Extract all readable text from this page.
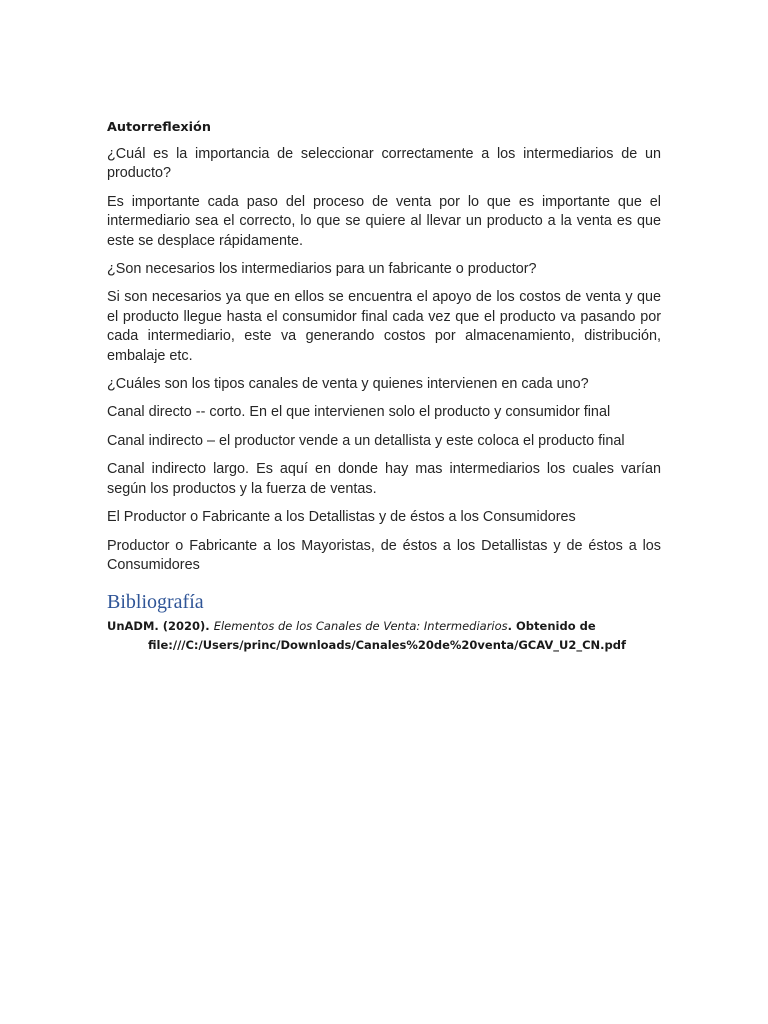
Autorreflexión

¿Cuál es la importancia de seleccionar correctamente a los intermediarios de un producto?

Es importante cada paso del proceso de venta por lo que es importante que el intermediario sea el correcto, lo que se quiere al llevar un producto a la venta es que este se desplace rápidamente.

¿Son necesarios los intermediarios para un fabricante o productor?

Si son necesarios ya que en ellos se encuentra el apoyo de los costos de venta y que el producto llegue hasta el consumidor final cada vez que el producto va pasando por cada intermediario, este va generando costos por almacenamiento, distribución, embalaje etc.

¿Cuáles son los tipos canales de venta y quienes intervienen en cada uno?

Canal directo -- corto. En el que intervienen solo el producto y consumidor final

Canal indirecto – el productor vende a un detallista y este coloca el producto final

Canal indirecto largo. Es aquí en donde hay mas intermediarios los cuales varían según los productos y la fuerza de ventas.

El Productor o Fabricante a los Detallistas y de éstos a los Consumidores

Productor o Fabricante a los Mayoristas, de éstos a los Detallistas y de éstos a los Consumidores

Bibliografía
UnADM. (2020). Elementos de los Canales de Venta: Intermediarios. Obtenido de
file:///C:/Users/princ/Downloads/Canales%20de%20venta/GCAV_U2_CN.pdf
